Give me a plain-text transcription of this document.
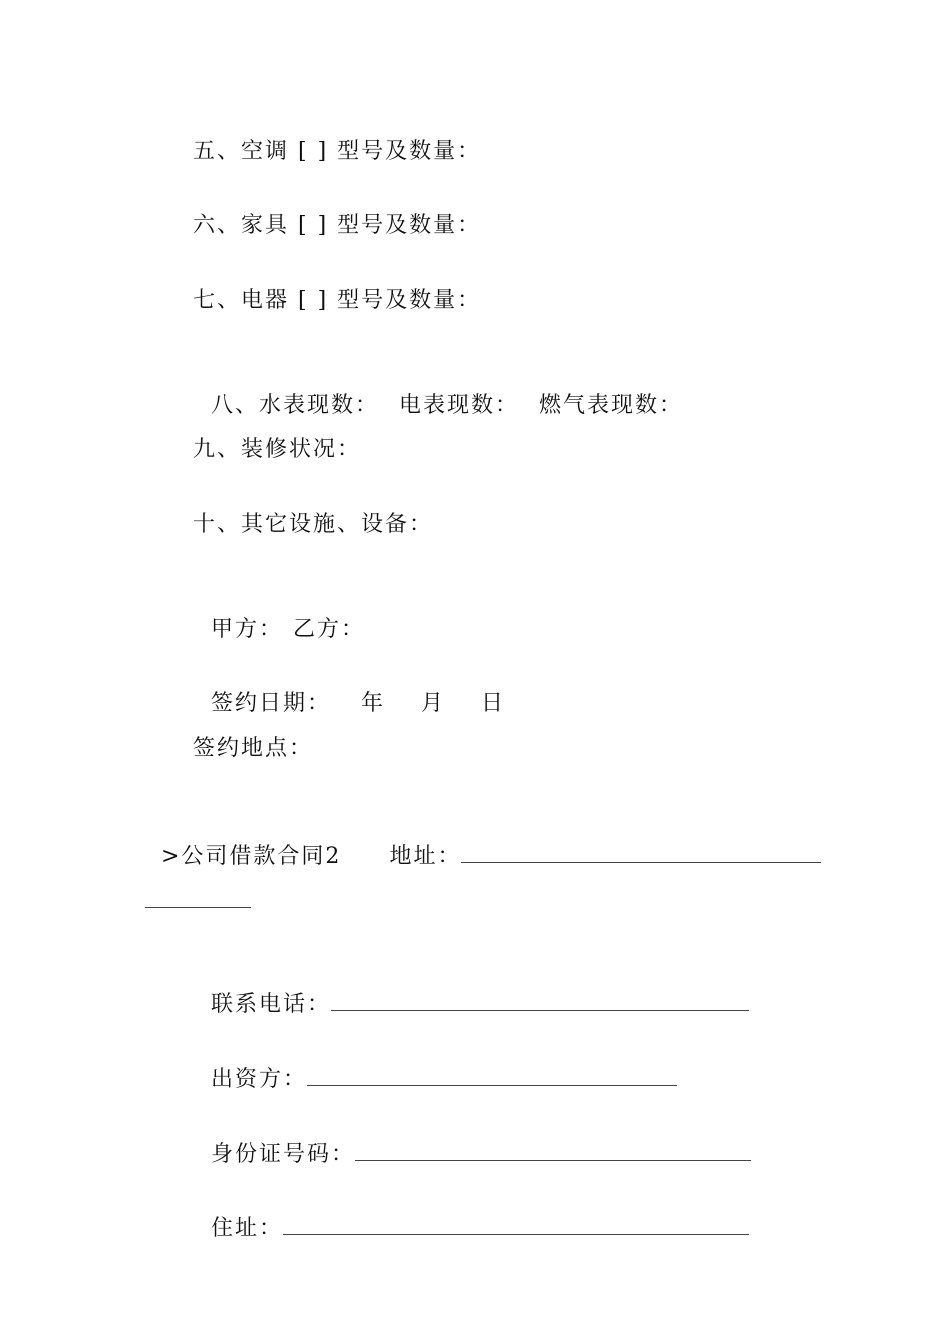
五、空调 [ ] 型号及数量：
六、家具 [ ] 型号及数量：
七、电器 [ ] 型号及数量：

八、水表现数： 电表现数： 燃气表现数：

九、装修状况：
十、其它设施、设备：

甲方： 乙方：

签约日期： 年 月 日

签约地点：

>公司借款合同2 地址：

联系电话：

出资方：

身份证号码：

住址：
